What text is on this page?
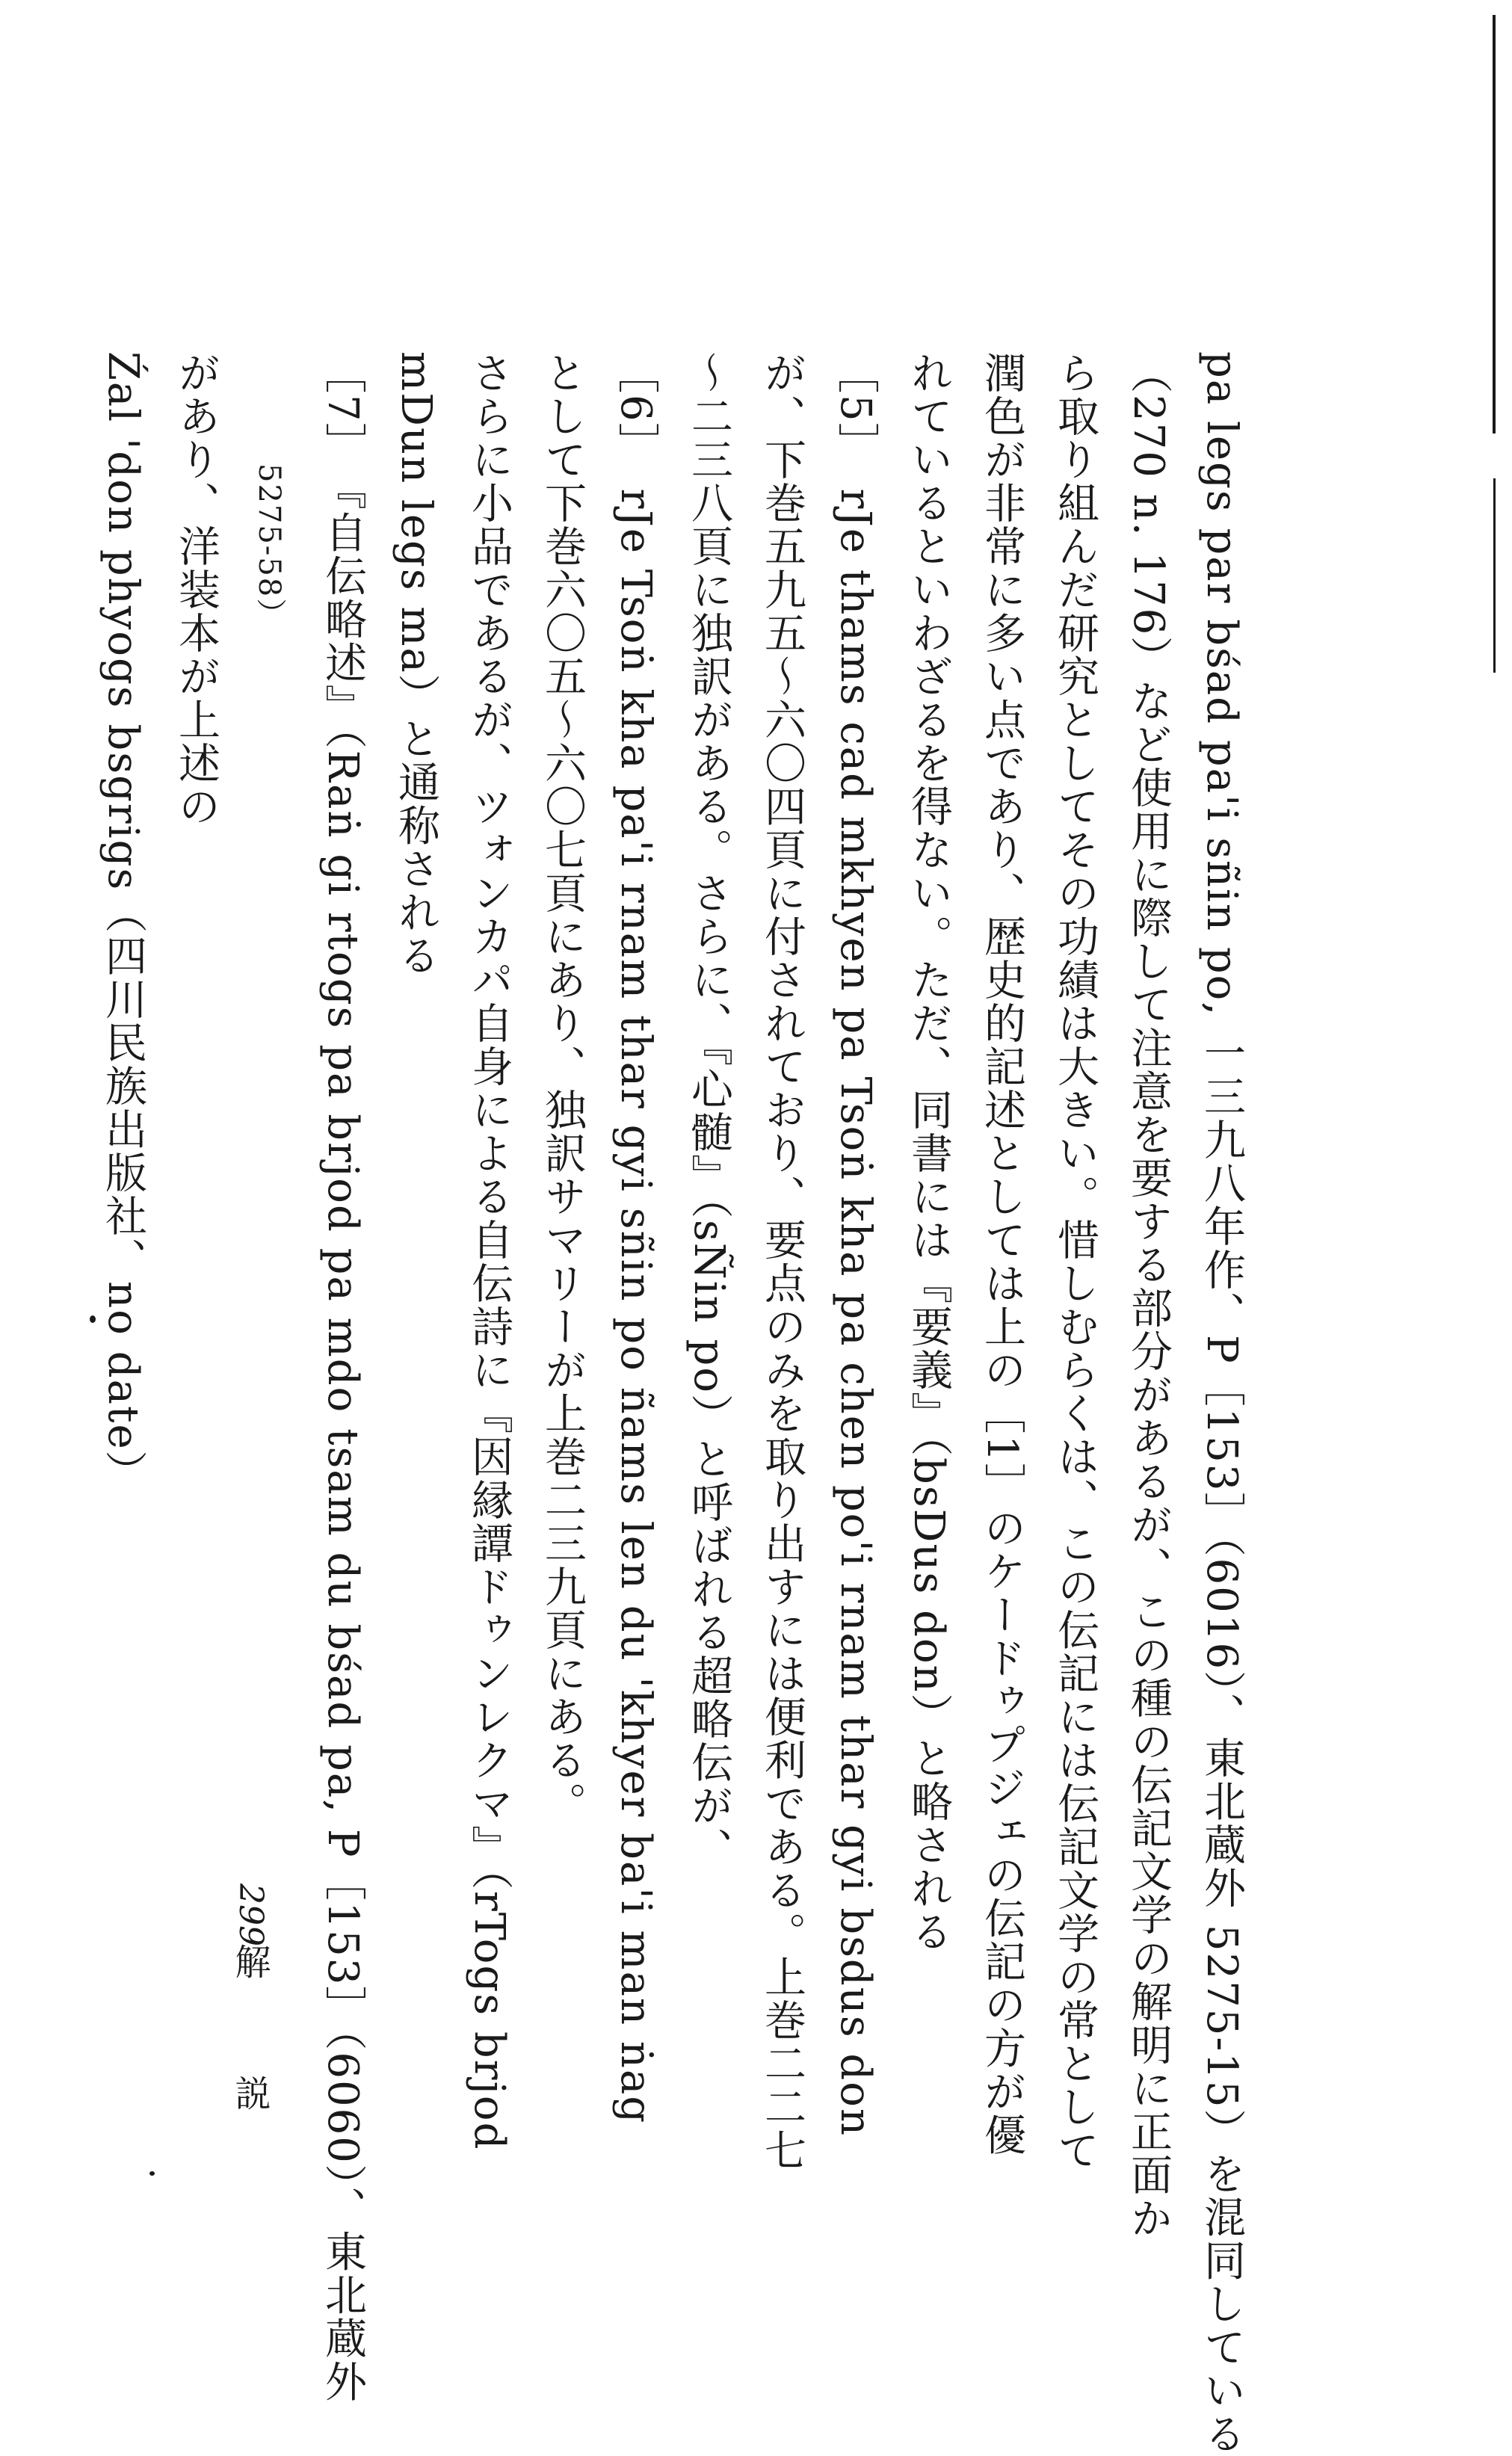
pa legs par bśad pa'i sñin po, 一三九八年作、P［153］（6016）、東北蔵外 5275-15）を混同している

（270 n. 176）など使用に際して注意を要する部分があるが、この種の伝記文学の解明に正面か

ら取り組んだ研究としてその功績は大きい。惜しむらくは、この伝記には伝記文学の常として

潤色が非常に多い点であり、歴史的記述としては上の［1］のケードゥプジェの伝記の方が優

れているといわざるを得ない。ただ、同書には『要義』（bsDus don）と略される

［5］　rJe thams cad mkhyen pa Tsoṅ kha pa chen po'i rnam thar gyi bsdus don

が、下巻五九五～六〇四頁に付されており、要点のみを取り出すには便利である。上巻二二七

～二三八頁に独訳がある。さらに、『心髄』（sÑin po）と呼ばれる超略伝が、

［6］　rJe Tsoṅ kha pa'i rnam thar gyi sñin po ñams len du 'khyer ba'i man ṅag

として下巻六〇五～六〇七頁にあり、独訳サマリーが上巻二三九頁にある。

さらに小品であるが、ツォンカパ自身による自伝詩に『因縁譚ドゥンレクマ』（rTogs brjod

mDun legs ma）と通称される

［7］　『自伝略述』（Raṅ gi rtogs pa brjod pa mdo tsam du bśad pa, P［153］（6060）、東北蔵外

5275-58）

があり、洋装本が上述の

Źal 'don phyogs bsgrigs（四川民族出版社、no date）

299

解　説
